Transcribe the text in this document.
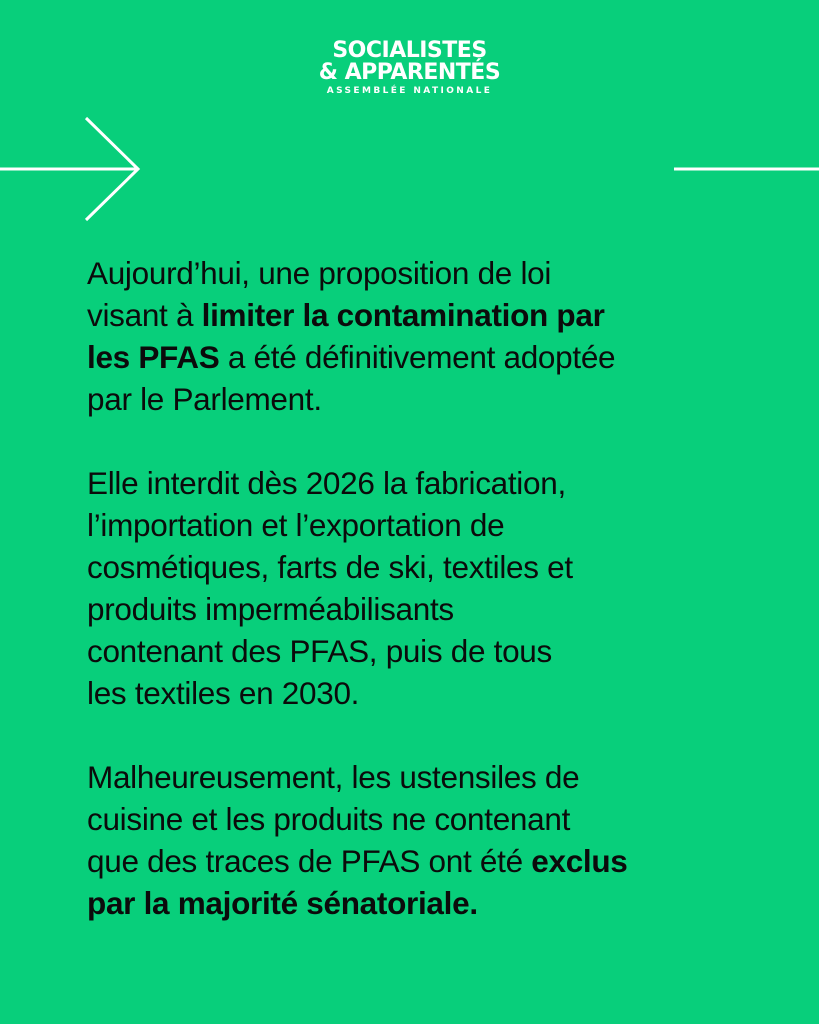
SOCIALISTES
& APPARENTÉS
ASSEMBLÉE NATIONALE

Aujourd’hui, une proposition de loi
visant à limiter la contamination par
les PFAS a été définitivement adoptée
par le Parlement.

Elle interdit dès 2026 la fabrication,
l’importation et l’exportation de
cosmétiques, farts de ski, textiles et
produits imperméabilisants
contenant des PFAS, puis de tous
les textiles en 2030.

Malheureusement, les ustensiles de
cuisine et les produits ne contenant
que des traces de PFAS ont été exclus
par la majorité sénatoriale.
